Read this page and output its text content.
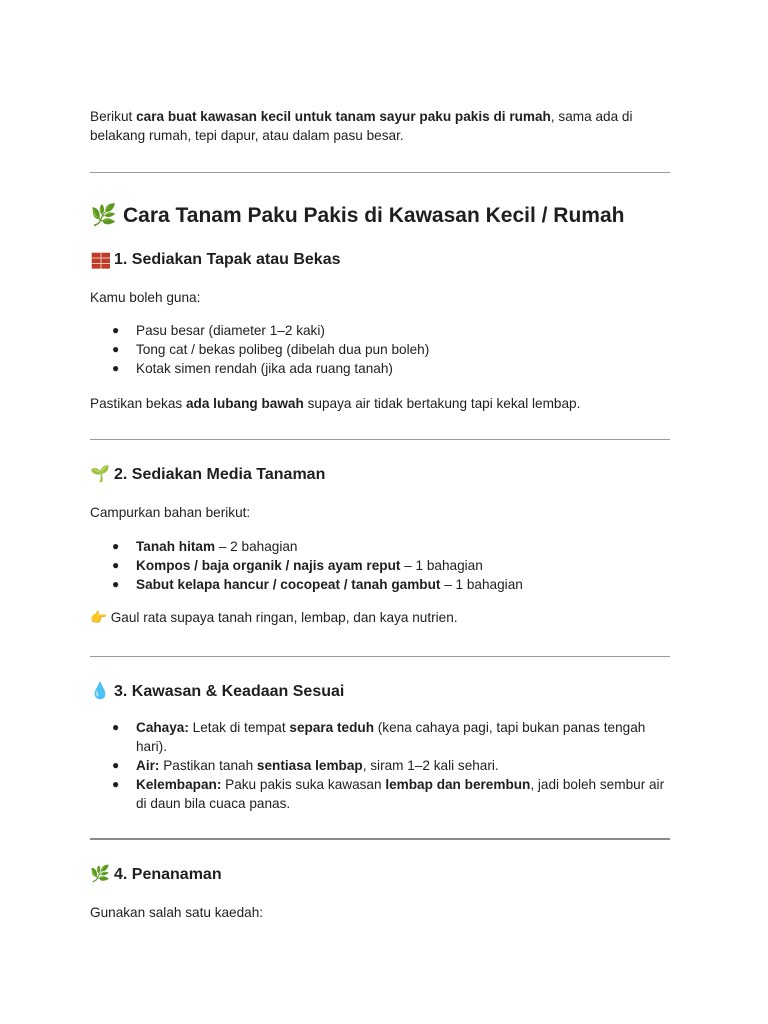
Berikut cara buat kawasan kecil untuk tanam sayur paku pakis di rumah, sama ada di belakang rumah, tepi dapur, atau dalam pasu besar.

🌿 Cara Tanam Paku Pakis di Kawasan Kecil / Rumah
1. Sediakan Tapak atau Bekas

Kamu boleh guna:

● Pasu besar (diameter 1–2 kaki)
● Tong cat / bekas polibeg (dibelah dua pun boleh)
● Kotak simen rendah (jika ada ruang tanah)

Pastikan bekas ada lubang bawah supaya air tidak bertakung tapi kekal lembap.

🌱 2. Sediakan Media Tanaman

Campurkan bahan berikut:

● Tanah hitam – 2 bahagian
● Kompos / baja organik / najis ayam reput – 1 bahagian
● Sabut kelapa hancur / cocopeat / tanah gambut – 1 bahagian

👉 Gaul rata supaya tanah ringan, lembap, dan kaya nutrien.

💧 3. Kawasan & Keadaan Sesuai
● Cahaya: Letak di tempat separa teduh (kena cahaya pagi, tapi bukan panas tengah hari).
● Air: Pastikan tanah sentiasa lembap, siram 1–2 kali sehari.
● Kelembapan: Paku pakis suka kawasan lembap dan berembun, jadi boleh sembur air di daun bila cuaca panas.
🌿 4. Penanaman

Gunakan salah satu kaedah:
